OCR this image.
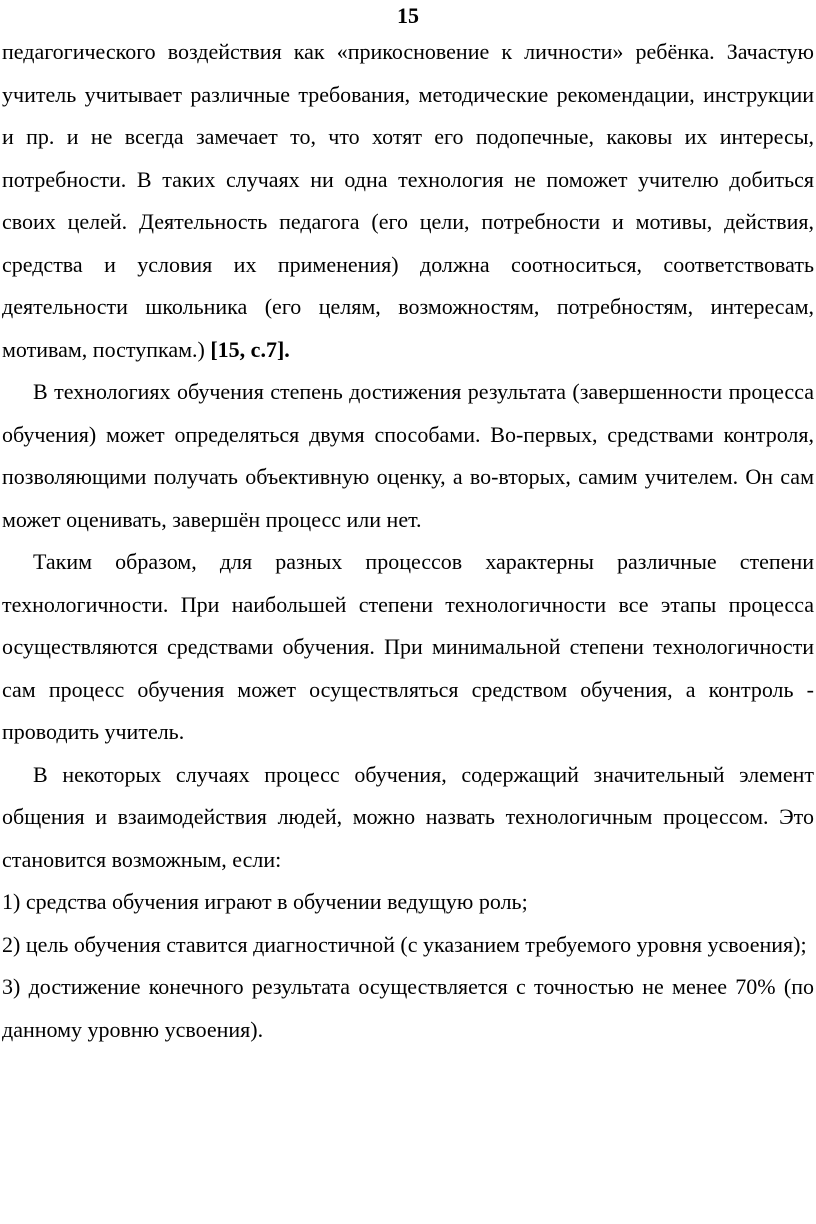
15

педагогического воздействия как «прикосновение к личности» ребёнка. Зачастую учитель учитывает различные требования, методические рекомендации, инструкции и пр. и не всегда замечает то, что хотят его подопечные, каковы их интересы, потребности. В таких случаях ни одна технология не поможет учителю добиться своих целей. Деятельность педагога (его цели, потребности и мотивы, действия, средства и условия их применения) должна соотноситься, соответствовать деятельности школьника (его целям, возможностям, потребностям, интересам, мотивам, поступкам.) [15, с.7].

В технологиях обучения степень достижения результата (завершенности процесса обучения) может определяться двумя способами. Во-первых, средствами контроля, позволяющими получать объективную оценку, а во-вторых, самим учителем. Он сам может оценивать, завершён процесс или нет.

Таким образом, для разных процессов характерны различные степени технологичности. При наибольшей степени технологичности все этапы процесса осуществляются средствами обучения. При минимальной степени технологичности сам процесс обучения может осуществляться средством обучения, а контроль - проводить учитель.

В некоторых случаях процесс обучения, содержащий значительный элемент общения и взаимодействия людей, можно назвать технологичным процессом. Это становится возможным, если:

1) средства обучения играют в обучении ведущую роль;

2) цель обучения ставится диагностичной (с указанием требуемого уровня усвоения);

3) достижение конечного результата осуществляется с точностью не менее 70% (по данному уровню усвоения).
